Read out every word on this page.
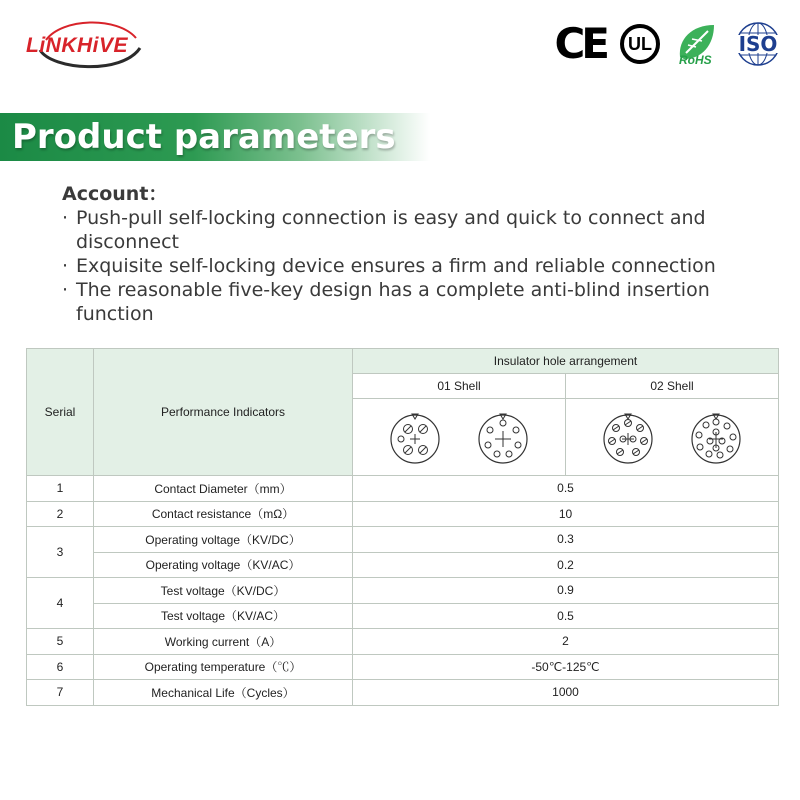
LiNKHiVE	CE UL
RoHS
ISO
Product parameters
Account：
· Push-pull self-locking connection is easy and quick to connect and disconnect
· Exquisite self-locking device ensures a firm and reliable connection
· The reasonable five-key design has a complete anti-blind insertion function
Serial	Performance Indicators	Insulator hole arrangement	
		01 Shell	02 Shell

1	Contact Diameter（mm）	0.5	
2	Contact resistance（mΩ）	10	
3	Operating voltage（KV/DC）	0.3	
	Operating voltage（KV/AC）	0.2	
4	Test voltage（KV/DC）	0.9	
	Test voltage（KV/AC）	0.5	
5	Working current（A）	2	
6	Operating temperature（℃）	-50℃-125℃	
7	Mechanical Life（Cycles）	1000	
